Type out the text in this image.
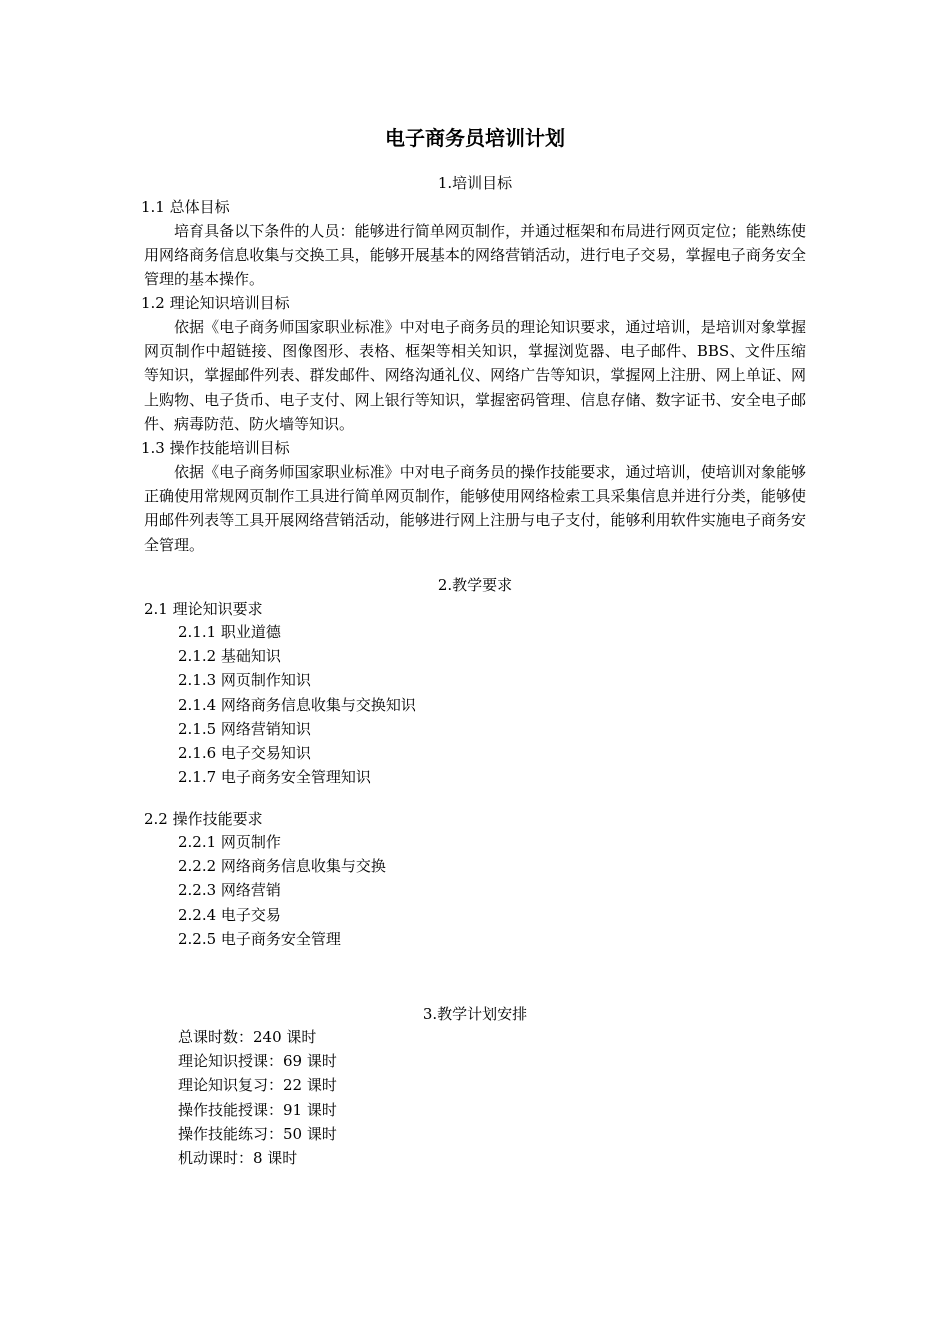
电子商务员培训计划
1.培训目标
1.1 总体目标

培育具备以下条件的人员：能够进行简单网页制作，并通过框架和布局进行网页定位；能熟练使用网络商务信息收集与交换工具，能够开展基本的网络营销活动，进行电子交易，掌握电子商务安全管理的基本操作。

1.2 理论知识培训目标

依据《电子商务师国家职业标准》中对电子商务员的理论知识要求，通过培训，是培训对象掌握网页制作中超链接、图像图形、表格、框架等相关知识，掌握浏览器、电子邮件、BBS、文件压缩等知识，掌握邮件列表、群发邮件、网络沟通礼仪、网络广告等知识，掌握网上注册、网上单证、网上购物、电子货币、电子支付、网上银行等知识，掌握密码管理、信息存储、数字证书、安全电子邮件、病毒防范、防火墙等知识。

1.3 操作技能培训目标

依据《电子商务师国家职业标准》中对电子商务员的操作技能要求，通过培训，使培训对象能够正确使用常规网页制作工具进行简单网页制作，能够使用网络检索工具采集信息并进行分类，能够使用邮件列表等工具开展网络营销活动，能够进行网上注册与电子支付，能够利用软件实施电子商务安全管理。

2.教学要求
2.1 理论知识要求
2.1.1 职业道德
2.1.2 基础知识
2.1.3 网页制作知识
2.1.4 网络商务信息收集与交换知识
2.1.5 网络营销知识
2.1.6 电子交易知识
2.1.7 电子商务安全管理知识
2.2 操作技能要求
2.2.1 网页制作
2.2.2 网络商务信息收集与交换
2.2.3 网络营销
2.2.4 电子交易
2.2.5 电子商务安全管理
3.教学计划安排
总课时数：240 课时
理论知识授课：69 课时
理论知识复习：22 课时
操作技能授课：91 课时
操作技能练习：50 课时
机动课时：8 课时
